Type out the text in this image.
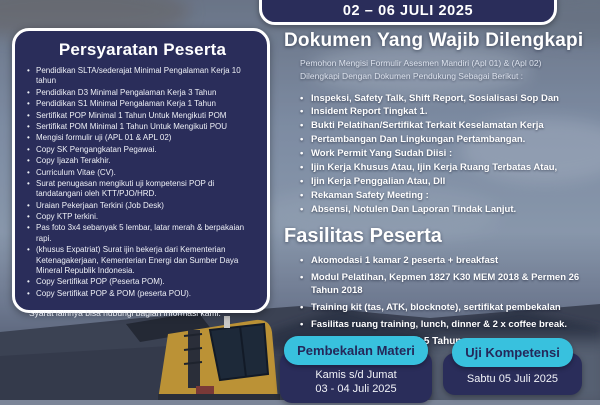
02 – 06 JULI 2025
Persyaratan Peserta
• Pendidikan SLTA/sederajat Minimal Pengalaman Kerja 10 tahun
• Pendidikan D3 Minimal Pengalaman Kerja 3 Tahun
• Pendidikan S1 Minimal Pengalaman Kerja 1 Tahun
• Sertifikat POP Minimal 1 Tahun Untuk Mengikuti POM
• Sertifikat POM Minimal 1 Tahun Untuk Mengikuti POU
• Mengisi formulir uji (APL 01 & APL 02)
• Copy SK Pengangkatan Pegawai.
• Copy Ijazah Terakhir.
• Curriculum Vitae (CV).
• Surat penugasan mengikuti uji kompetensi POP di tandatangani oleh KTT/PJO/HRD.
• Uraian Pekerjaan Terkini (Job Desk)
• Copy KTP terkini.
• Pas foto 3x4 sebanyak 5 lembar, latar merah & berpakaian rapi.
• (khusus Expatriat) Surat ijin bekerja dari Kementerian Ketenagakerjaan, Kementerian Energi dan Sumber Daya Mineral Republik Indonesia.
• Copy Sertifikat POP (Peserta POM).
• Copy Sertifikat POP & POM (peserta POU).
Syarat lainnya bisa hubungi bagian informasi kami.
Dokumen Yang Wajib Dilengkapi
Pemohon Mengisi Formulir Asesmen Mandiri (Apl 01) & (Apl 02) Dilengkapi Dengan Dokumen Pendukung Sebagai Berikut :
• Inspeksi, Safety Talk, Shift Report, Sosialisasi Sop Dan
• Insident Report Tingkat 1.
• Bukti Pelatihan/Sertifikat Terkait Keselamatan Kerja
• Pertambangan Dan Lingkungan Pertambangan.
• Work Permit Yang Sudah Diisi :
• Ijin Kerja Khusus Atau, Ijin Kerja Ruang Terbatas Atau,
• Ijin Kerja Penggalian Atau, Dll
• Rekaman Safety Meeting :
• Absensi, Notulen Dan Laporan Tindak Lanjut.
Fasilitas Peserta
• Akomodasi 1 kamar 2 peserta + breakfast
• Modul Pelatihan, Kepmen 1827 K30 MEM 2018 & Permen 26 Tahun 2018
• Training kit (tas, ATK, blocknote), sertifikat pembekalan
• Fasilitas ruang training, lunch, dinner & 2 x coffee break.
5 Tahun.
Pembekalan Materi
Kamis s/d Jumat
03 - 04 Juli 2025
Uji Kompetensi
Sabtu 05 Juli 2025
